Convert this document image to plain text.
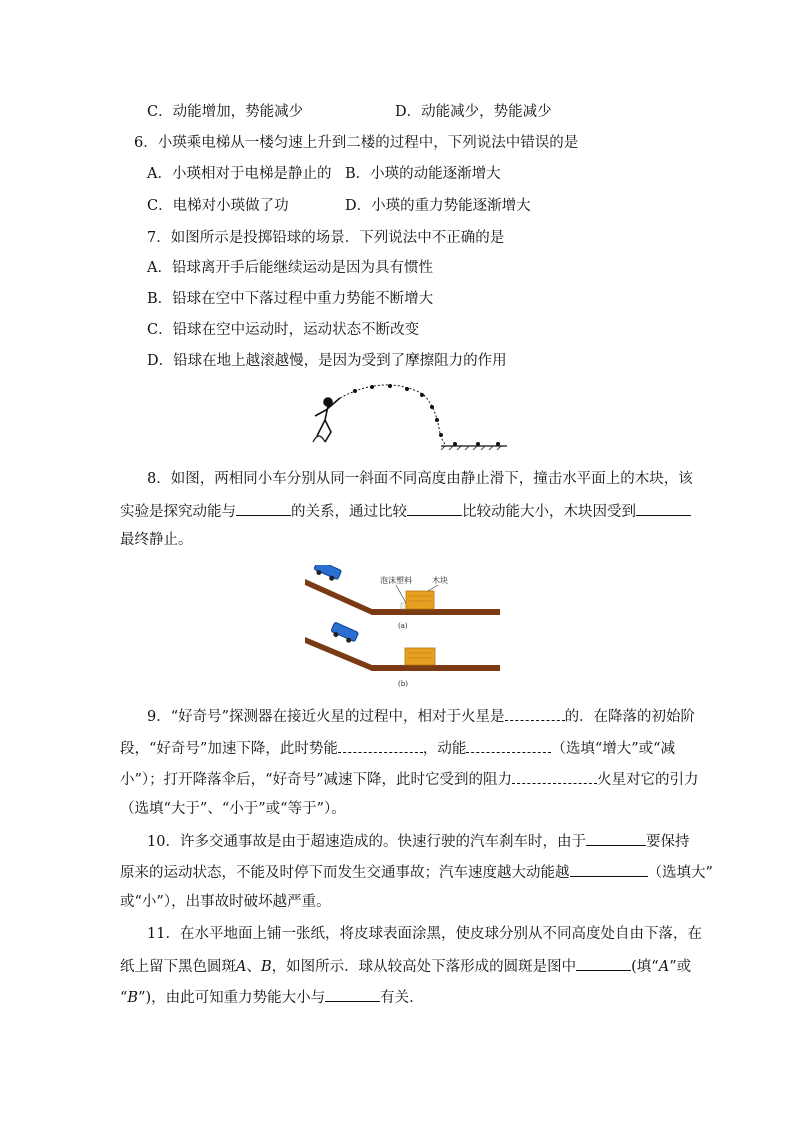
C．动能增加，势能减少	D．动能减少，势能减少
6．小瑛乘电梯从一楼匀速上升到二楼的过程中，下列说法中错误的是
A．小瑛相对于电梯是静止的 B．小瑛的动能逐渐增大
C．电梯对小瑛做了功	D．小瑛的重力势能逐渐增大
7．如图所示是投掷铅球的场景．下列说法中不正确的是
A．铅球离开手后能继续运动是因为具有惯性
B．铅球在空中下落过程中重力势能不断增大
C．铅球在空中运动时，运动状态不断改变
D．铅球在地上越滚越慢，是因为受到了摩擦阻力的作用
8．如图，两相同小车分别从同一斜面不同高度由静止滑下，撞击水平面上的木块，该
实验是探究动能与	的关系，通过比较	比较动能大小，木块因受到
最终静止。
泡沫塑料	木块
(a)
(b)
9．“好奇号”探测器在接近火星的过程中，相对于火星是	的．在降落的初始阶
段，“好奇号”加速下降，此时势能	，动能	（选填“增大”或“减
小”）；打开降落伞后，“好奇号”减速下降，此时它受到的阻力	火星对它的引力
（选填“大于”、“小于”或“等于”）。
10．许多交通事故是由于超速造成的。快速行驶的汽车刹车时，由于	要保持
原来的运动状态，不能及时停下而发生交通事故；汽车速度越大动能越	（选填大”
或“小”），出事故时破坏越严重。
11．在水平地面上铺一张纸，将皮球表面涂黑，使皮球分别从不同高度处自由下落，在
纸上留下黑色圆斑A、B，如图所示．球从较高处下落形成的圆斑是图中	(填“A”或
“B”)，由此可知重力势能大小与	有关．
